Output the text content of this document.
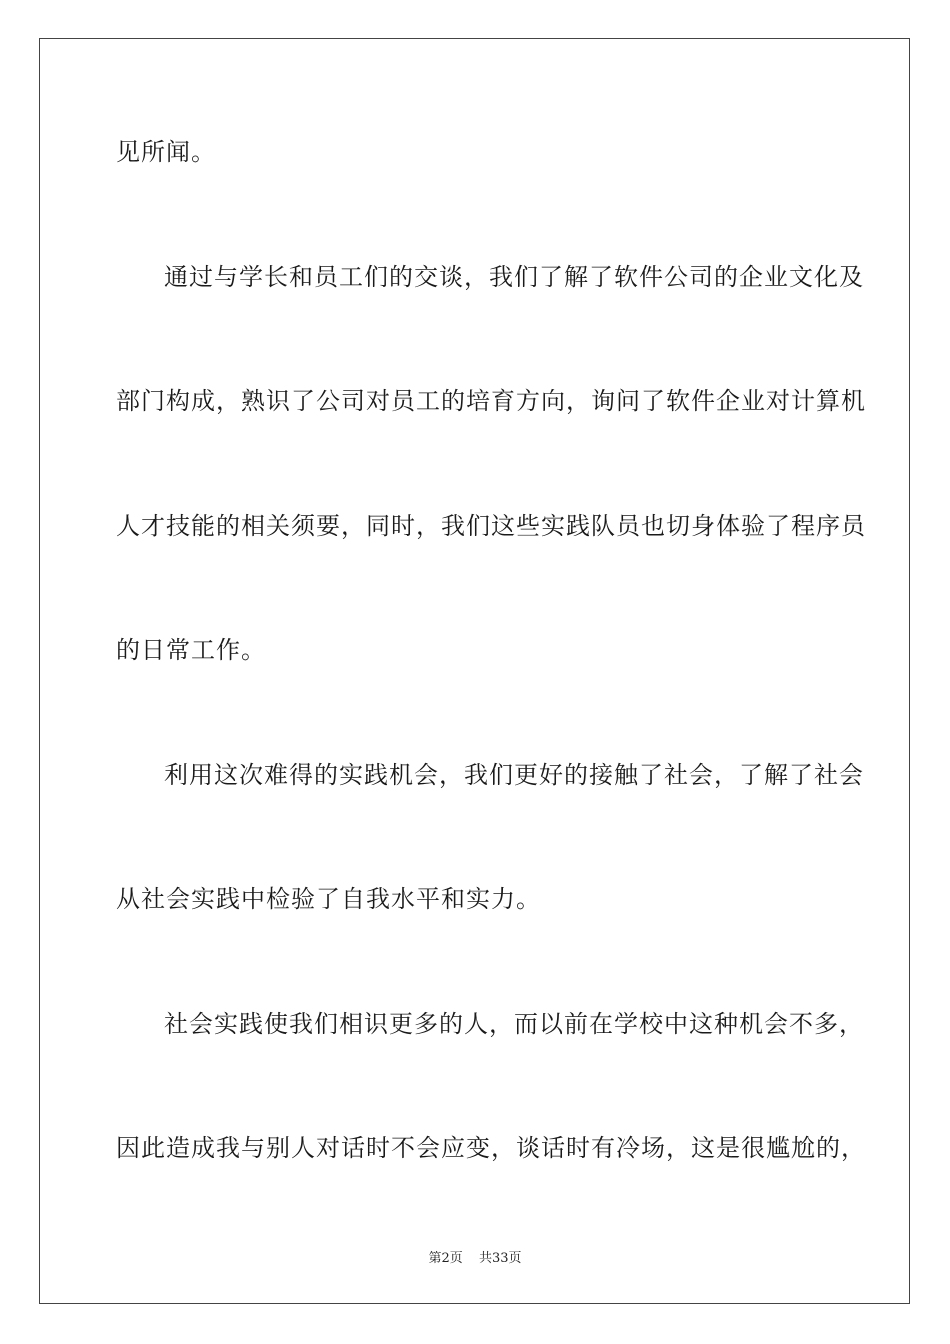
见所闻。
通过与学长和员工们的交谈，我们了解了软件公司的企业文化及
部门构成，熟识了公司对员工的培育方向，询问了软件企业对计算机
人才技能的相关须要，同时，我们这些实践队员也切身体验了程序员
的日常工作。
利用这次难得的实践机会，我们更好的接触了社会，了解了社会
从社会实践中检验了自我水平和实力。
社会实践使我们相识更多的人，而以前在学校中这种机会不多，
因此造成我与别人对话时不会应变，谈话时有冷场，这是很尴尬的，
第2页 共33页
